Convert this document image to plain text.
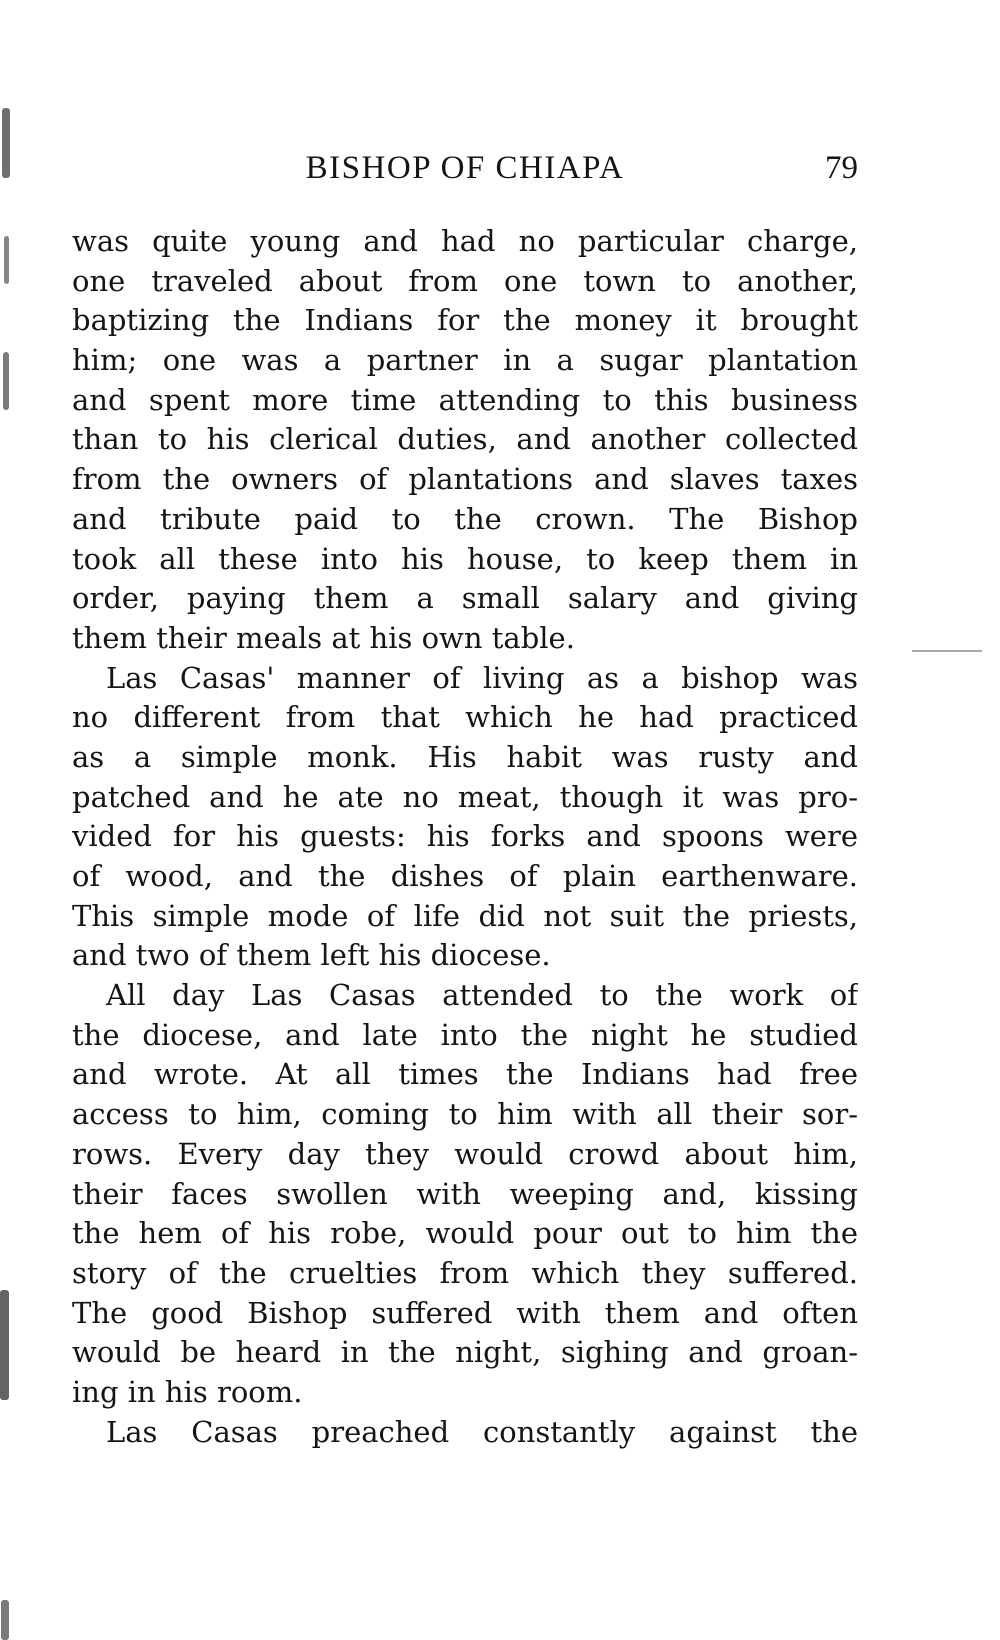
BISHOP OF CHIAPA	79
was quite young and had no particular charge,
one traveled about from one town to another,
baptizing the Indians for the money it brought
him; one was a partner in a sugar plantation
and spent more time attending to this business
than to his clerical duties, and another collected
from the owners of plantations and slaves taxes
and tribute paid to the crown. The Bishop
took all these into his house, to keep them in
order, paying them a small salary and giving
them their meals at his own table.
Las Casas' manner of living as a bishop was
no different from that which he had practiced
as a simple monk. His habit was rusty and
patched and he ate no meat, though it was pro-
vided for his guests: his forks and spoons were
of wood, and the dishes of plain earthenware.
This simple mode of life did not suit the priests,
and two of them left his diocese.
All day Las Casas attended to the work of
the diocese, and late into the night he studied
and wrote. At all times the Indians had free
access to him, coming to him with all their sor-
rows. Every day they would crowd about him,
their faces swollen with weeping and, kissing
the hem of his robe, would pour out to him the
story of the cruelties from which they suffered.
The good Bishop suffered with them and often
would be heard in the night, sighing and groan-
ing in his room.
Las Casas preached constantly against the
